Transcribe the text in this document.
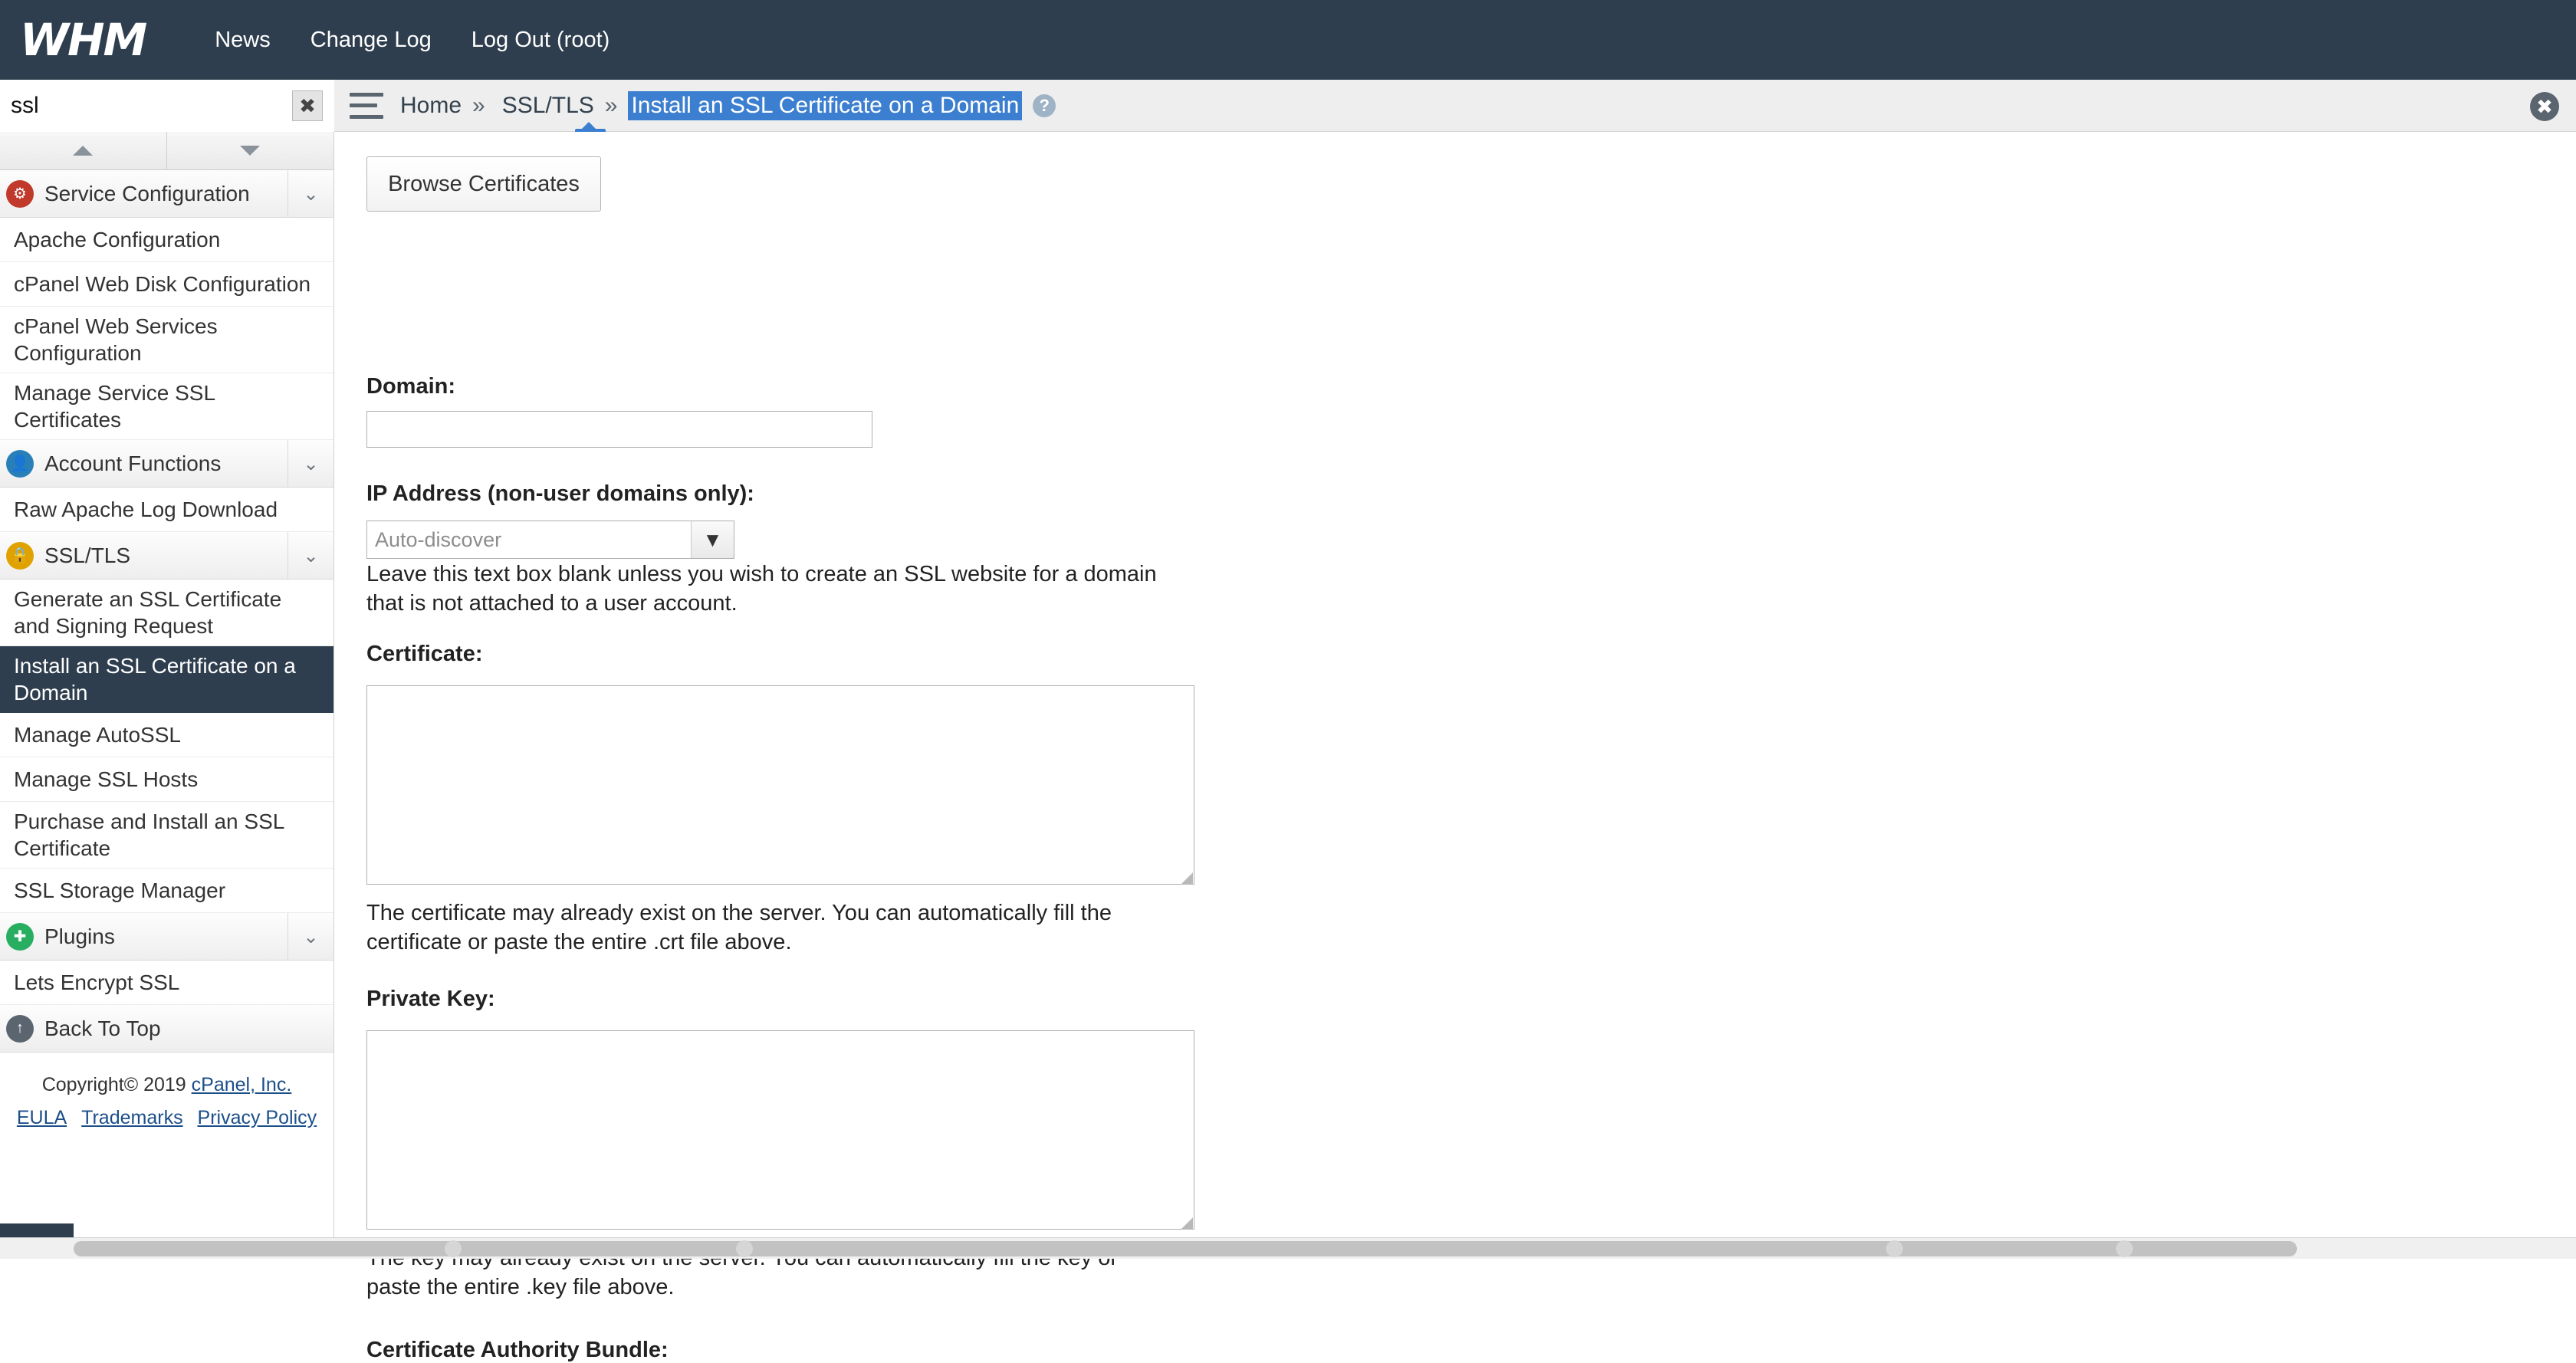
WHM	News Change Log Log Out (root)
Home » SSL/TLS » Install an SSL Certificate on a Domain	?	✖
ssl
✖
⚙ Service Configuration	⌄
Apache Configuration
cPanel Web Disk Configuration
cPanel Web Services Configuration
Manage Service SSL Certificates
👤 Account Functions	⌄
Raw Apache Log Download
🔒 SSL/TLS	⌄
Generate an SSL Certificate and Signing Request
Install an SSL Certificate on a Domain
Manage AutoSSL
Manage SSL Hosts
Purchase and Install an SSL Certificate
SSL Storage Manager
✚ Plugins	⌄
Lets Encrypt SSL
↑ Back To Top
Copyright© 2019 cPanel, Inc.
EULA Trademarks Privacy Policy
Browse Certificates
Domain:
IP Address (non-user domains only):
Auto-discover	▼
Leave this text box blank unless you wish to create an SSL website for a domain that is not attached to a user account.
Certificate:
The certificate may already exist on the server. You can automatically fill the certificate or paste the entire .crt file above.
Private Key:
paste the entire .key file above.
Certificate Authority Bundle:
